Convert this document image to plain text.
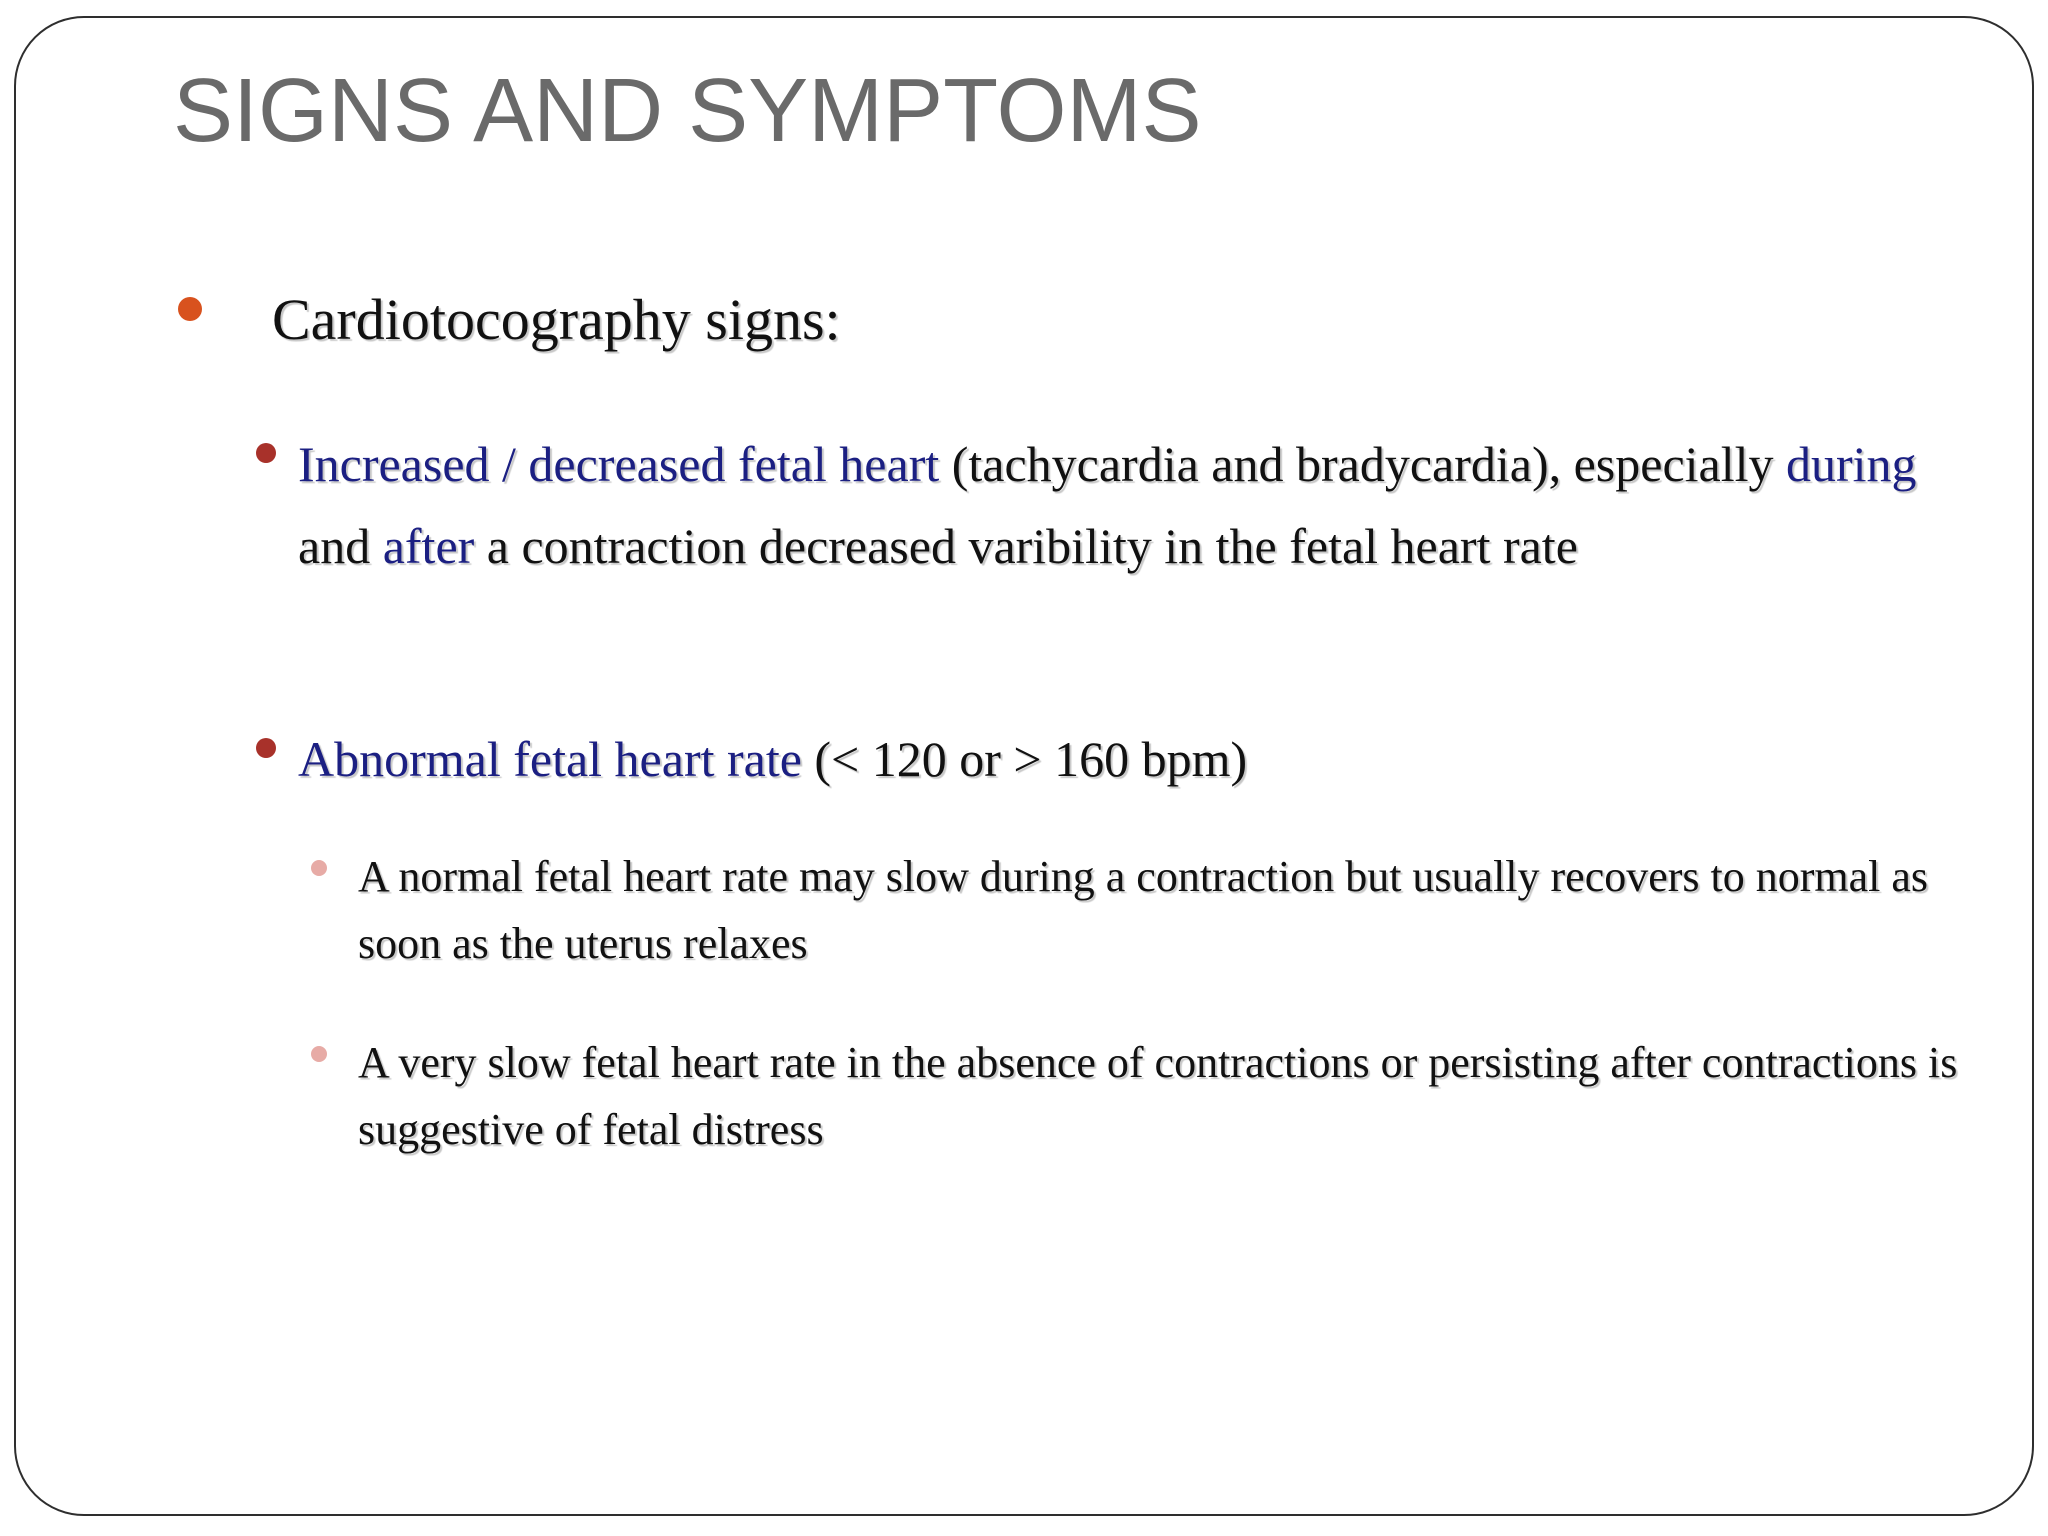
SIGNS AND SYMPTOMS
Cardiotocography signs:
Increased / decreased fetal heart (tachycardia and bradycardia), especially during and after a contraction decreased varibility in the fetal heart rate
Abnormal fetal heart rate (< 120 or > 160 bpm)
A normal fetal heart rate may slow during a contraction but usually recovers to normal as soon as the uterus relaxes
A very slow fetal heart rate in the absence of contractions or persisting after contractions is suggestive of fetal distress
